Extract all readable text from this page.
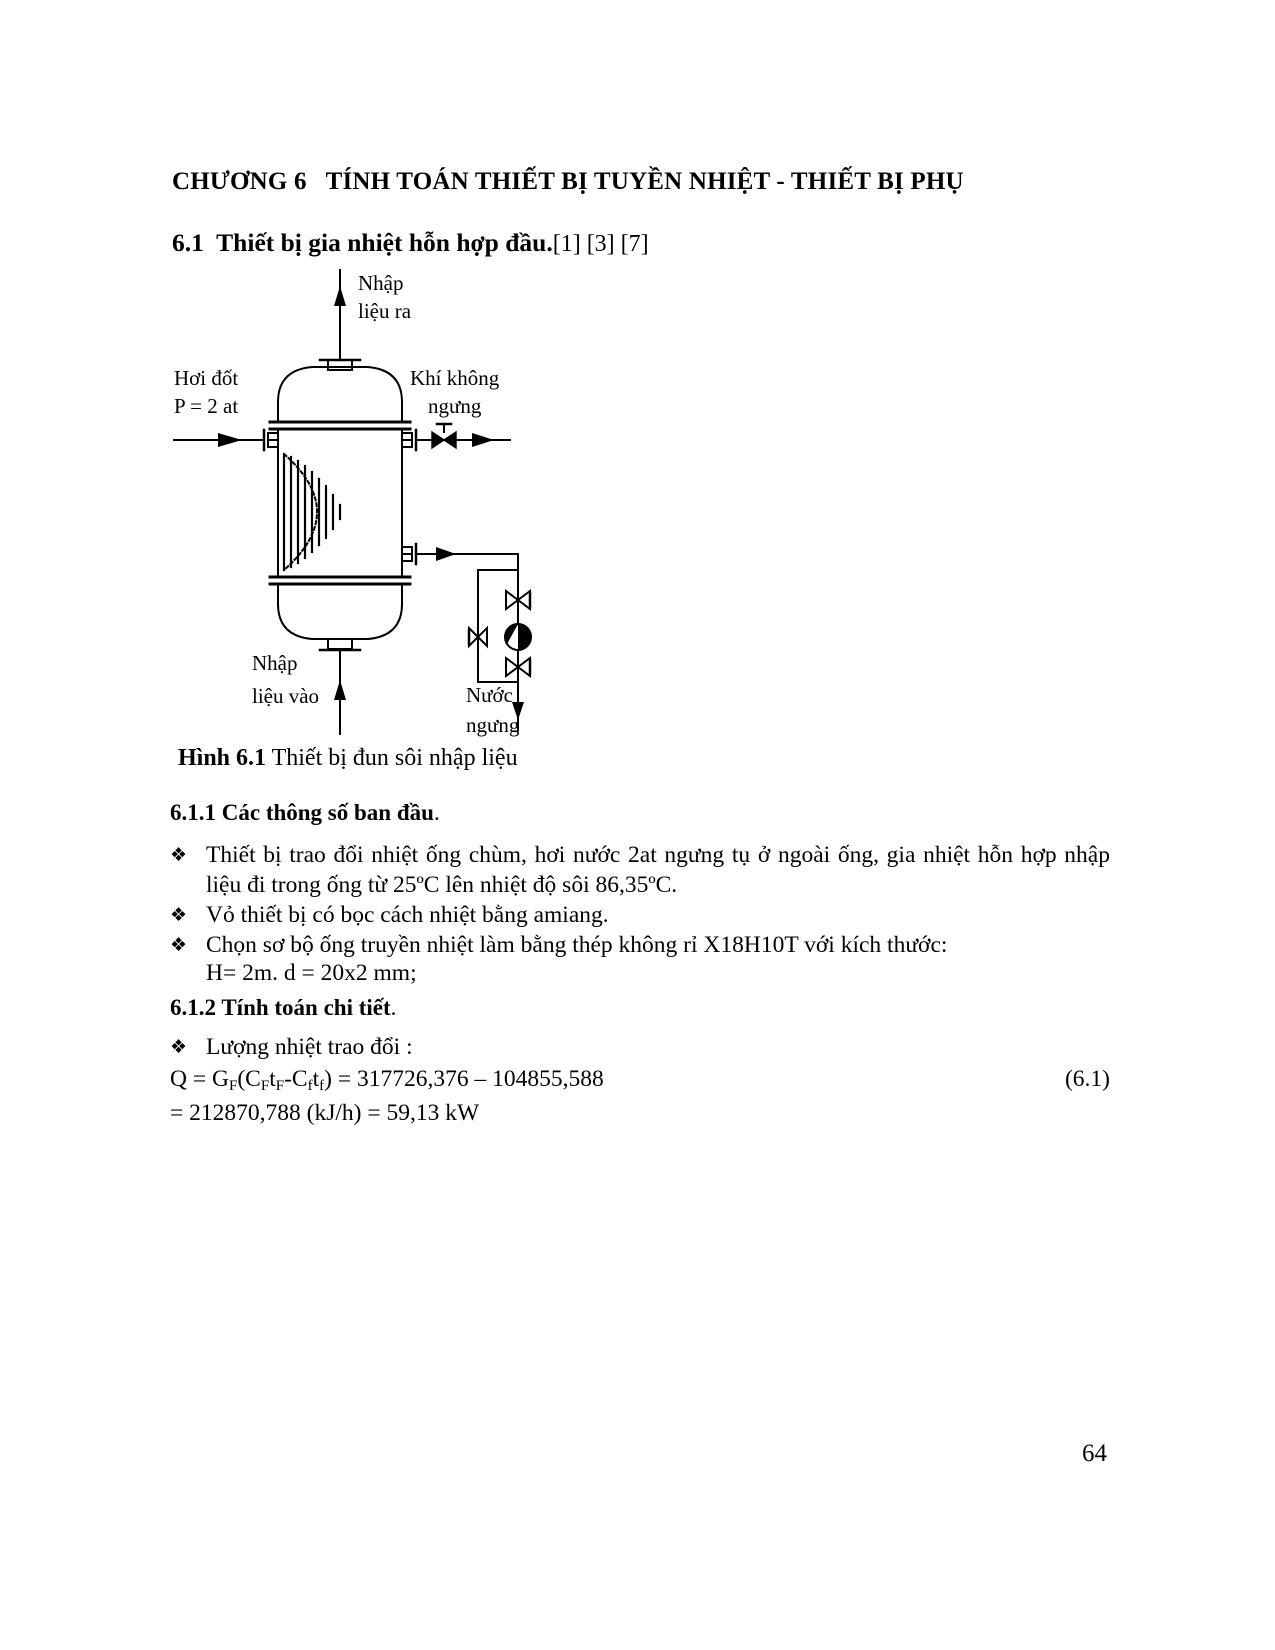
CHƯƠNG 6   TÍNH TOÁN THIẾT BỊ TUYỀN NHIỆT - THIẾT BỊ PHỤ
6.1  Thiết bị gia nhiệt hỗn hợp đầu.[1] [3] [7]
Nhập
liệu ra
Hơi đốt
P = 2 at
Khí không
ngưng
Nhập
liệu vào	Nước
ngưng
Hình 6.1 Thiết bị đun sôi nhập liệu
6.1.1 Các thông số ban đầu.
❖ Thiết bị trao đổi nhiệt ống chùm, hơi nước 2at ngưng tụ ở ngoài ống, gia nhiệt hỗn hợp nhập liệu đi trong ống từ 25ºC lên nhiệt độ sôi 86,35ºC.
❖ Vỏ thiết bị có bọc cách nhiệt bằng amiang.
❖ Chọn sơ bộ ống truyền nhiệt làm bằng thép không rỉ X18H10T với kích thước:
H= 2m. d = 20x2 mm;
6.1.2 Tính toán chi tiết.
❖ Lượng nhiệt trao đổi :
$Q = G_F(C_Ft_F-C_ft_f) = 317726,376 - 104855,588$	(6.1)
= 212870,788 (kJ/h) = 59,13 kW
64
